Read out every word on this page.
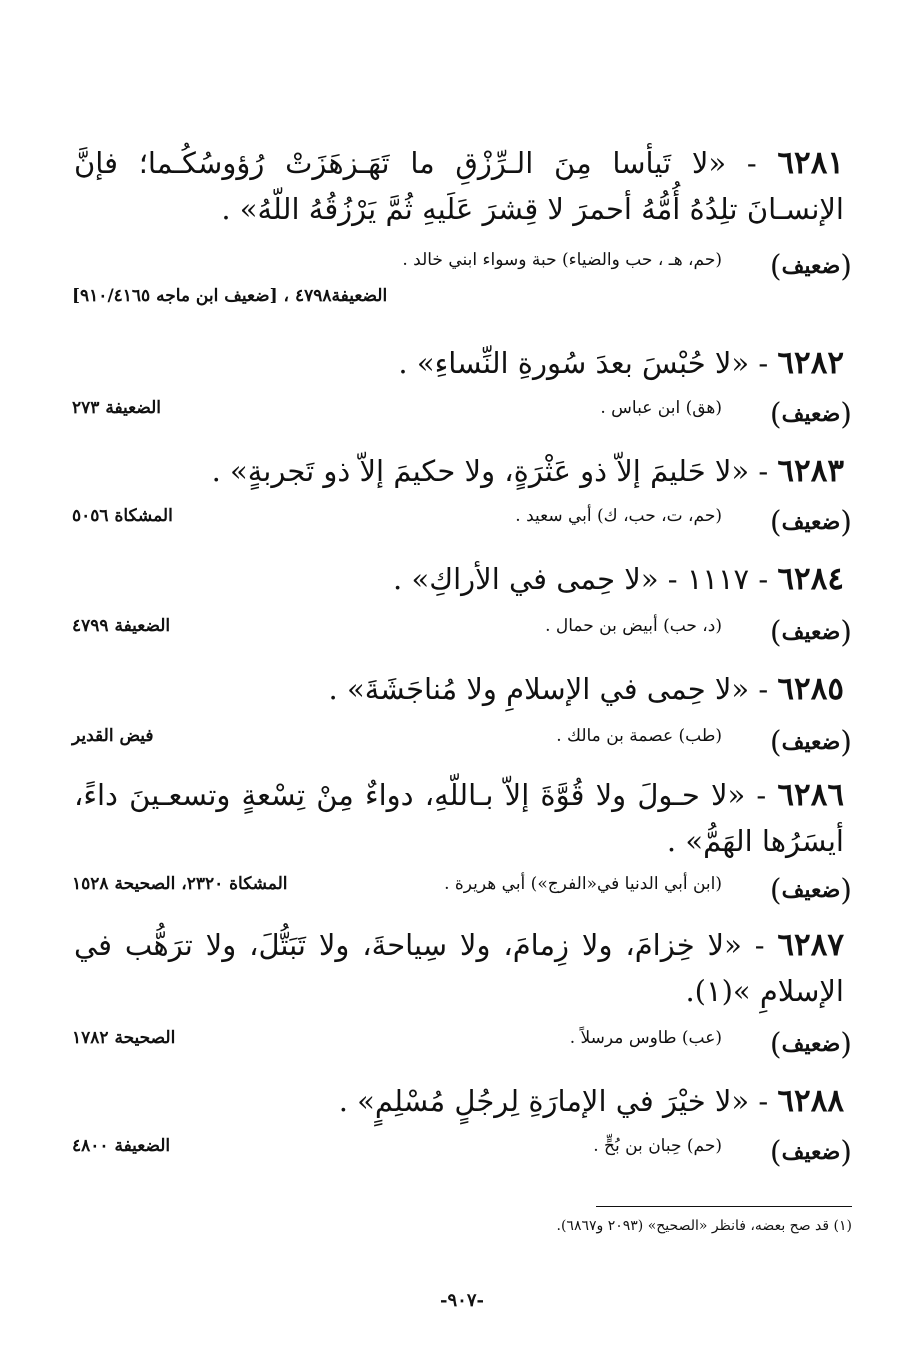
٦٢٨١ - «لا تَيأسا مِنَ الـرِّزْقِ ما تَهَـزهَزَتْ رُؤوسُكُـما؛ فإنَّ الإنسـانَ تلِدُهُ أُمُّهُ أحمرَ لا قِشرَ عَلَيهِ ثُمَّ يَرْزُقُهُ اللّهُ» .
(ضعيف)
(حم، هـ ، حب والضياء) حبة وسواء ابني خالد .
الضعيفة٤٧٩٨ ، [ضعيف ابن ماجه ٩١٠/٤١٦٥]
٦٢٨٢ - «لا حُبْسَ بعدَ سُورةِ النِّساءِ» .
(ضعيف)
(هق) ابن عباس .
الضعيفة ٢٧٣
٦٢٨٣ - «لا حَليمَ إلاّ ذو عَثْرَةٍ، ولا حكيمَ إلاّ ذو تَجربةٍ» .
(ضعيف)
(حم، ت، حب، ك) أبي سعيد .
المشكاة ٥٠٥٦
٦٢٨٤ - ١١١٧ - «لا حِمى في الأراكِ» .
(ضعيف)
(د، حب) أبيض بن حمال .
الضعيفة ٤٧٩٩
٦٢٨٥ - «لا حِمى في الإسلامِ ولا مُناجَشَةَ» .
(ضعيف)
(طب) عصمة بن مالك .
فيض القدير
٦٢٨٦ - «لا حـولَ ولا قُوَّةَ إلاّ بـاللّهِ، دواءٌ مِنْ تِسْعةٍ وتسعـينَ داءً، أيسَرُها الهَمُّ» .
(ضعيف)
(ابن أبي الدنيا في«الفرج») أبي هريرة .
المشكاة ٢٣٢٠، الصحيحة ١٥٢٨
٦٢٨٧ - «لا خِزامَ، ولا زِمامَ، ولا سِياحةَ، ولا تَبَتُّلَ، ولا ترَهُّب في الإسلامِ »(١).
(ضعيف)
(عب) طاوس مرسلاً .
الصحيحة ١٧٨٢
٦٢٨٨ - «لا خيْرَ في الإمارَةِ لِرجُلٍ مُسْلِمٍ» .
(ضعيف)
(حم) حِبان بن بُحٍّ .
الضعيفة ٤٨٠٠
(١) قد صح بعضه، فانظر «الصحيح» (٢٠٩٣ و٦٨٦٧).
-٩٠٧-
